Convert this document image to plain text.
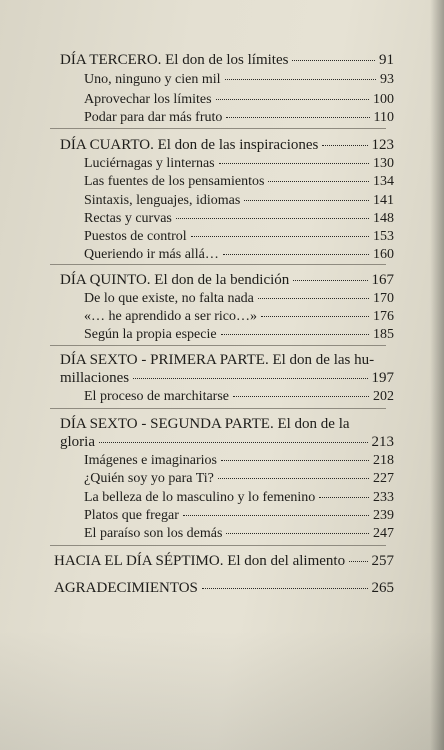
DÍA TERCERO. El don de los límites	91
Uno, ninguno y cien mil	93
Aprovechar los límites	100
Podar para dar más fruto	110
DÍA CUARTO. El don de las inspiraciones	123
Luciérnagas y linternas	130
Las fuentes de los pensamientos	134
Sintaxis, lenguajes, idiomas	141
Rectas y curvas	148
Puestos de control	153
Queriendo ir más allá…	160
DÍA QUINTO. El don de la bendición	167
De lo que existe, no falta nada	170
«… he aprendido a ser rico…»	176
Según la propia especie	185
DÍA SEXTO - PRIMERA PARTE. El don de las hu-
millaciones	197
El proceso de marchitarse	202
DÍA SEXTO - SEGUNDA PARTE. El don de la
gloria	213
Imágenes e imaginarios	218
¿Quién soy yo para Ti?	227
La belleza de lo masculino y lo femenino	233
Platos que fregar	239
El paraíso son los demás	247
HACIA EL DÍA SÉPTIMO. El don del alimento 257
AGRADECIMIENTOS	265
